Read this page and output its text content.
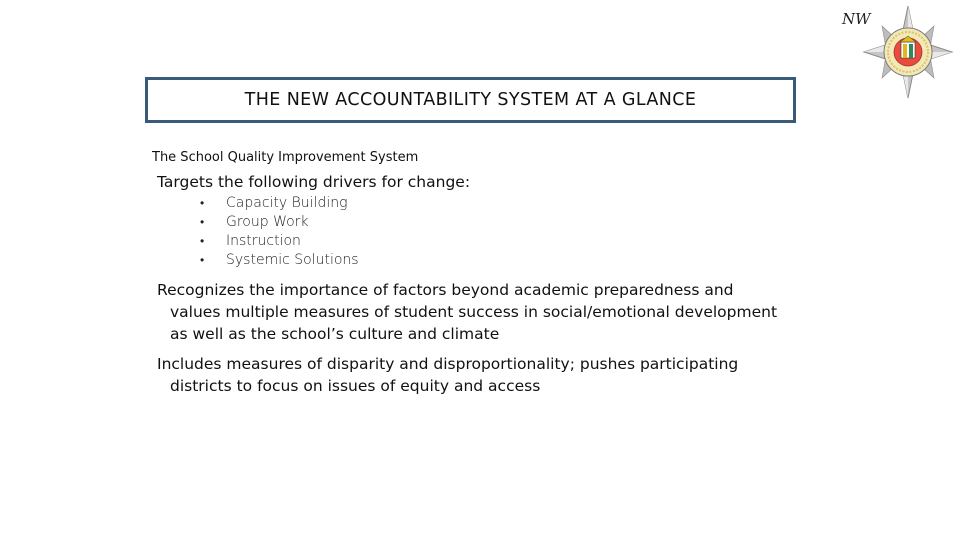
NW
THE NEW ACCOUNTABILITY SYSTEM AT A GLANCE
The School Quality Improvement System
Targets the following drivers for change:
• Capacity Building
• Group Work
• Instruction
• Systemic Solutions
Recognizes the importance of factors beyond academic preparedness and
values multiple measures of student success in social/emotional development
as well as the school’s culture and climate
Includes measures of disparity and disproportionality; pushes participating
districts to focus on issues of equity and access
